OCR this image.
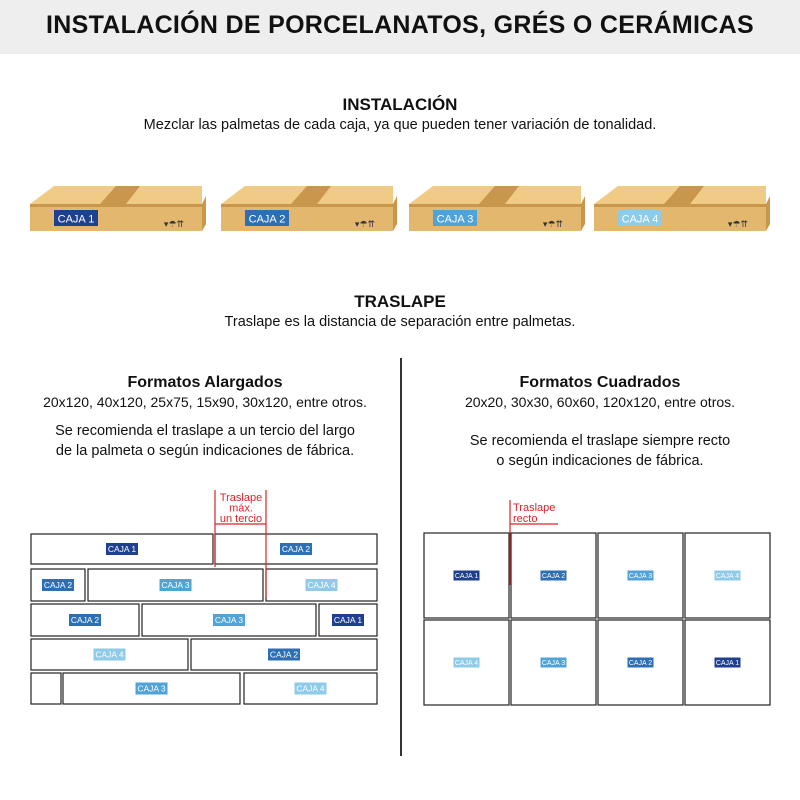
INSTALACIÓN DE PORCELANATOS, GRÉS O CERÁMICAS
INSTALACIÓN
Mezclar las palmetas de cada caja, ya que pueden tener variación de tonalidad.
TRASLAPE
Traslape es la distancia de separación entre palmetas.

Formatos Alargados

20x120, 40x120, 25x75, 15x90, 30x120, entre otros.

Se recomienda el traslape a un tercio del largo

de la palmeta o según indicaciones de fábrica.

Formatos Cuadrados

20x20, 30x30, 60x60, 120x120, entre otros.

Se recomienda el traslape siempre recto

o según indicaciones de fábrica.

CAJA 1	▾☂⇈	CAJA 2	▾☂⇈	CAJA 3	▾☂⇈	CAJA 4	▾☂⇈
CAJA 1	CAJA 2
CAJA 2	CAJA 3	CAJA 4
CAJA 2	CAJA 3	CAJA 1
CAJA 4	CAJA 2
CAJA 3	CAJA 4
Traslape
máx.
un tercio
CAJA 1	CAJA 2	CAJA 3	CAJA 4
CAJA 4	CAJA 3	CAJA 2	CAJA 1
Traslape
recto
